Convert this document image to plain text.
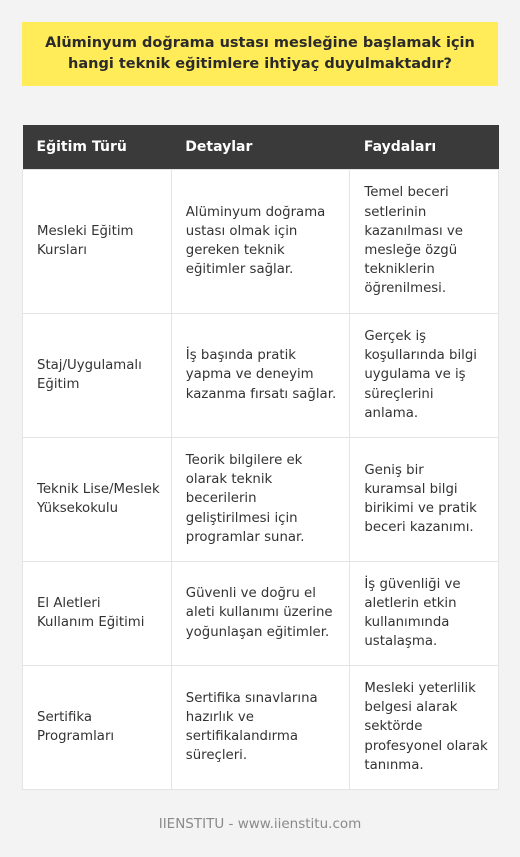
Alüminyum doğrama ustası mesleğine başlamak için hangi teknik eğitimlere ihtiyaç duyulmaktadır?
Eğitim Türü	Detaylar	Faydaları
Mesleki Eğitim Kursları	Alüminyum doğrama ustası olmak için gereken teknik eğitimler sağlar.	Temel beceri setlerinin kazanılması ve mesleğe özgü tekniklerin öğrenilmesi.
Staj/Uygulamalı Eğitim	İş başında pratik yapma ve deneyim kazanma fırsatı sağlar.	Gerçek iş koşullarında bilgi uygulama ve iş süreçlerini anlama.
Teknik Lise/Meslek Yüksekokulu	Teorik bilgilere ek olarak teknik becerilerin geliştirilmesi için programlar sunar.	Geniş bir kuramsal bilgi birikimi ve pratik beceri kazanımı.
El Aletleri Kullanım Eğitimi	Güvenli ve doğru el aleti kullanımı üzerine yoğunlaşan eğitimler.	İş güvenliği ve aletlerin etkin kullanımında ustalaşma.
Sertifika Programları	Sertifika sınavlarına hazırlık ve sertifikalandırma süreçleri.	Mesleki yeterlilik belgesi alarak sektörde profesyonel olarak tanınma.
IIENSTITU - www.iienstitu.com
